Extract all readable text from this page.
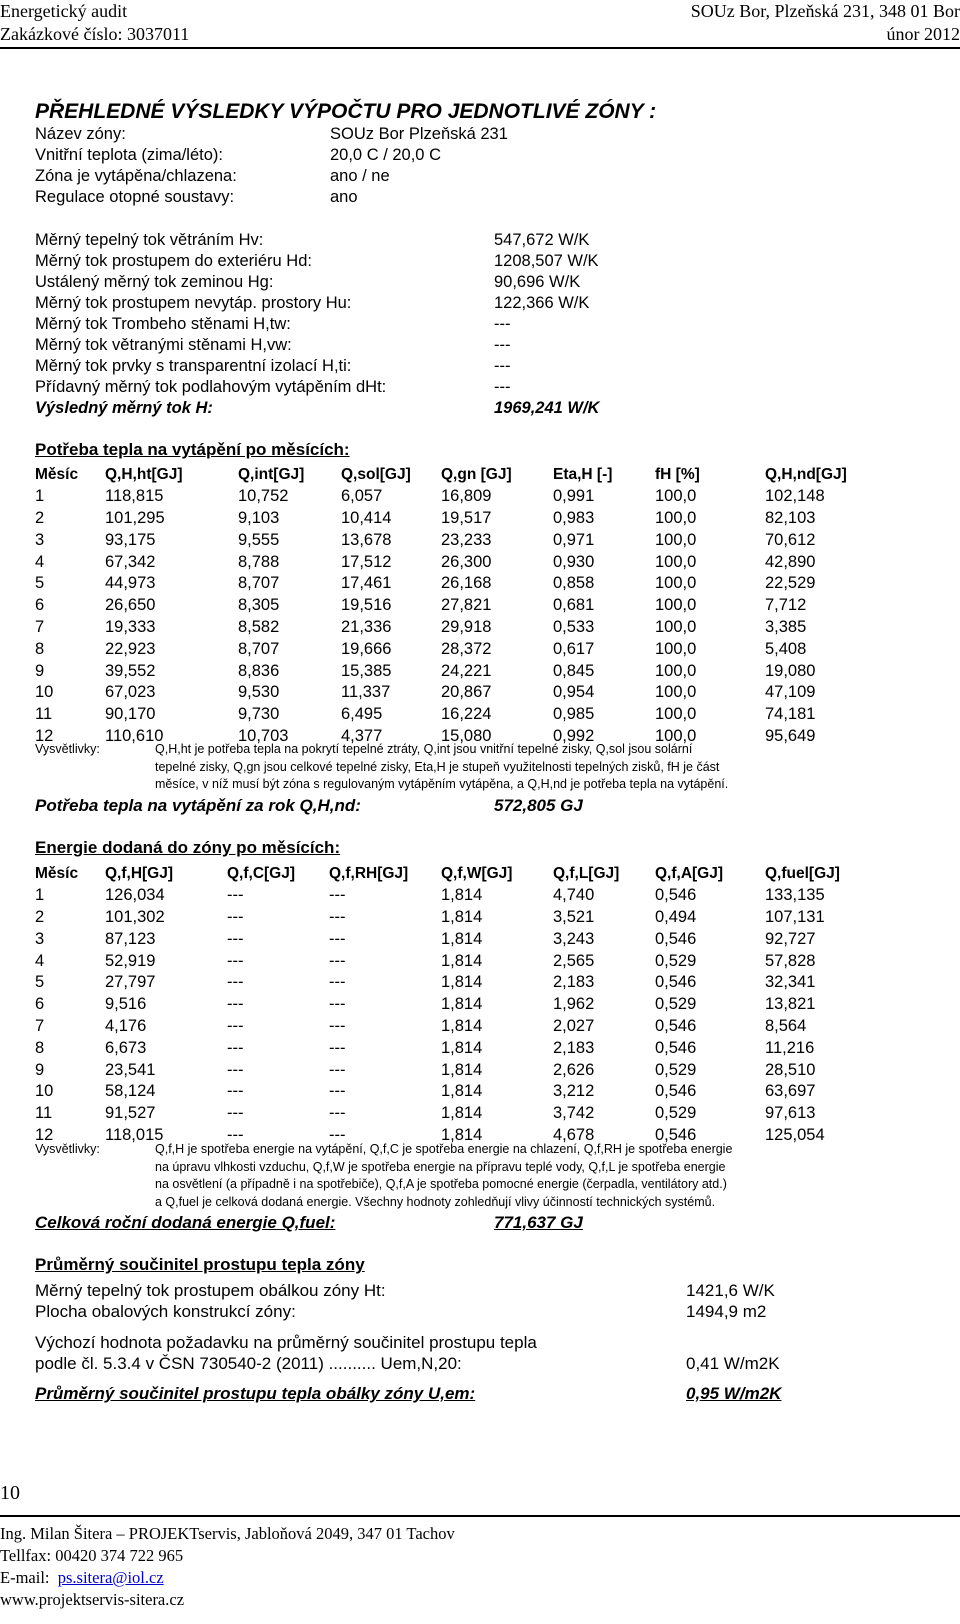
Energetický audit	SOUz Bor, Plzeňská 231, 348 01 Bor
Zakázkové číslo: 3037011	únor 2012
PŘEHLEDNÉ VÝSLEDKY VÝPOČTU PRO JEDNOTLIVÉ ZÓNY :
Název zóny:	SOUz Bor Plzeňská 231
Vnitřní teplota (zima/léto):	20,0 C / 20,0 C
Zóna je vytápěna/chlazena:	ano / ne
Regulace otopné soustavy:	ano
Měrný tepelný tok větráním Hv:	547,672 W/K
Měrný tok prostupem do exteriéru Hd:	1208,507 W/K
Ustálený měrný tok zeminou Hg:	90,696 W/K
Měrný tok prostupem nevytáp. prostory Hu:	122,366 W/K
Měrný tok Trombeho stěnami H,tw:	---
Měrný tok větranými stěnami H,vw:	---
Měrný tok prvky s transparentní izolací H,ti:	---
Přídavný měrný tok podlahovým vytápěním dHt:	---
Výsledný měrný tok H:	1969,241 W/K
Potřeba tepla na vytápění po měsících:
Měsíc	Q,H,ht[GJ]	Q,int[GJ]	Q,sol[GJ]	Q,gn [GJ]	Eta,H [-]	fH [%]	Q,H,nd[GJ]
1	118,815	10,752	6,057	16,809	0,991	100,0	102,148
2	101,295	9,103	10,414	19,517	0,983	100,0	82,103
3	93,175	9,555	13,678	23,233	0,971	100,0	70,612
4	67,342	8,788	17,512	26,300	0,930	100,0	42,890
5	44,973	8,707	17,461	26,168	0,858	100,0	22,529
6	26,650	8,305	19,516	27,821	0,681	100,0	7,712
7	19,333	8,582	21,336	29,918	0,533	100,0	3,385
8	22,923	8,707	19,666	28,372	0,617	100,0	5,408
9	39,552	8,836	15,385	24,221	0,845	100,0	19,080
10	67,023	9,530	11,337	20,867	0,954	100,0	47,109
11	90,170	9,730	6,495	16,224	0,985	100,0	74,181
12	110,610	10,703	4,377	15,080	0,992	100,0	95,649
Vysvětlivky:	Q,H,ht je potřeba tepla na pokrytí tepelné ztráty, Q,int jsou vnitřní tepelné zisky, Q,sol jsou solární
tepelné zisky, Q,gn jsou celkové tepelné zisky, Eta,H je stupeň využitelnosti tepelných zisků, fH je část
měsíce, v níž musí být zóna s regulovaným vytápěním vytápěna, a Q,H,nd je potřeba tepla na vytápění.
Potřeba tepla na vytápění za rok Q,H,nd:	572,805 GJ
Energie dodaná do zóny po měsících:
Měsíc	Q,f,H[GJ]	Q,f,C[GJ]	Q,f,RH[GJ]	Q,f,W[GJ]	Q,f,L[GJ]	Q,f,A[GJ]	Q,fuel[GJ]
1	126,034	---	---	1,814	4,740	0,546	133,135
2	101,302	---	---	1,814	3,521	0,494	107,131
3	87,123	---	---	1,814	3,243	0,546	92,727
4	52,919	---	---	1,814	2,565	0,529	57,828
5	27,797	---	---	1,814	2,183	0,546	32,341
6	9,516	---	---	1,814	1,962	0,529	13,821
7	4,176	---	---	1,814	2,027	0,546	8,564
8	6,673	---	---	1,814	2,183	0,546	11,216
9	23,541	---	---	1,814	2,626	0,529	28,510
10	58,124	---	---	1,814	3,212	0,546	63,697
11	91,527	---	---	1,814	3,742	0,529	97,613
12	118,015	---	---	1,814	4,678	0,546	125,054
Vysvětlivky:	Q,f,H je spotřeba energie na vytápění, Q,f,C je spotřeba energie na chlazení, Q,f,RH je spotřeba energie
na úpravu vlhkosti vzduchu, Q,f,W je spotřeba energie na přípravu teplé vody, Q,f,L je spotřeba energie
na osvětlení (a případně i na spotřebiče), Q,f,A je spotřeba pomocné energie (čerpadla, ventilátory atd.)
a Q,fuel je celková dodaná energie. Všechny hodnoty zohledňují vlivy účinností technických systémů.
Celková roční dodaná energie Q,fuel:	771,637 GJ
Průměrný součinitel prostupu tepla zóny
Měrný tepelný tok prostupem obálkou zóny Ht:	1421,6 W/K
Plocha obalových konstrukcí zóny:	1494,9 m2
Výchozí hodnota požadavku na průměrný součinitel prostupu tepla
podle čl. 5.3.4 v ČSN 730540-2 (2011) .......... Uem,N,20:	0,41 W/m2K
Průměrný součinitel prostupu tepla obálky zóny U,em:	0,95 W/m2K
10
Ing. Milan Šitera – PROJEKTservis, Jabloňová 2049, 347 01 Tachov
Tellfax: 00420 374 722 965
E-mail:  ps.sitera@iol.cz
www.projektservis-sitera.cz
